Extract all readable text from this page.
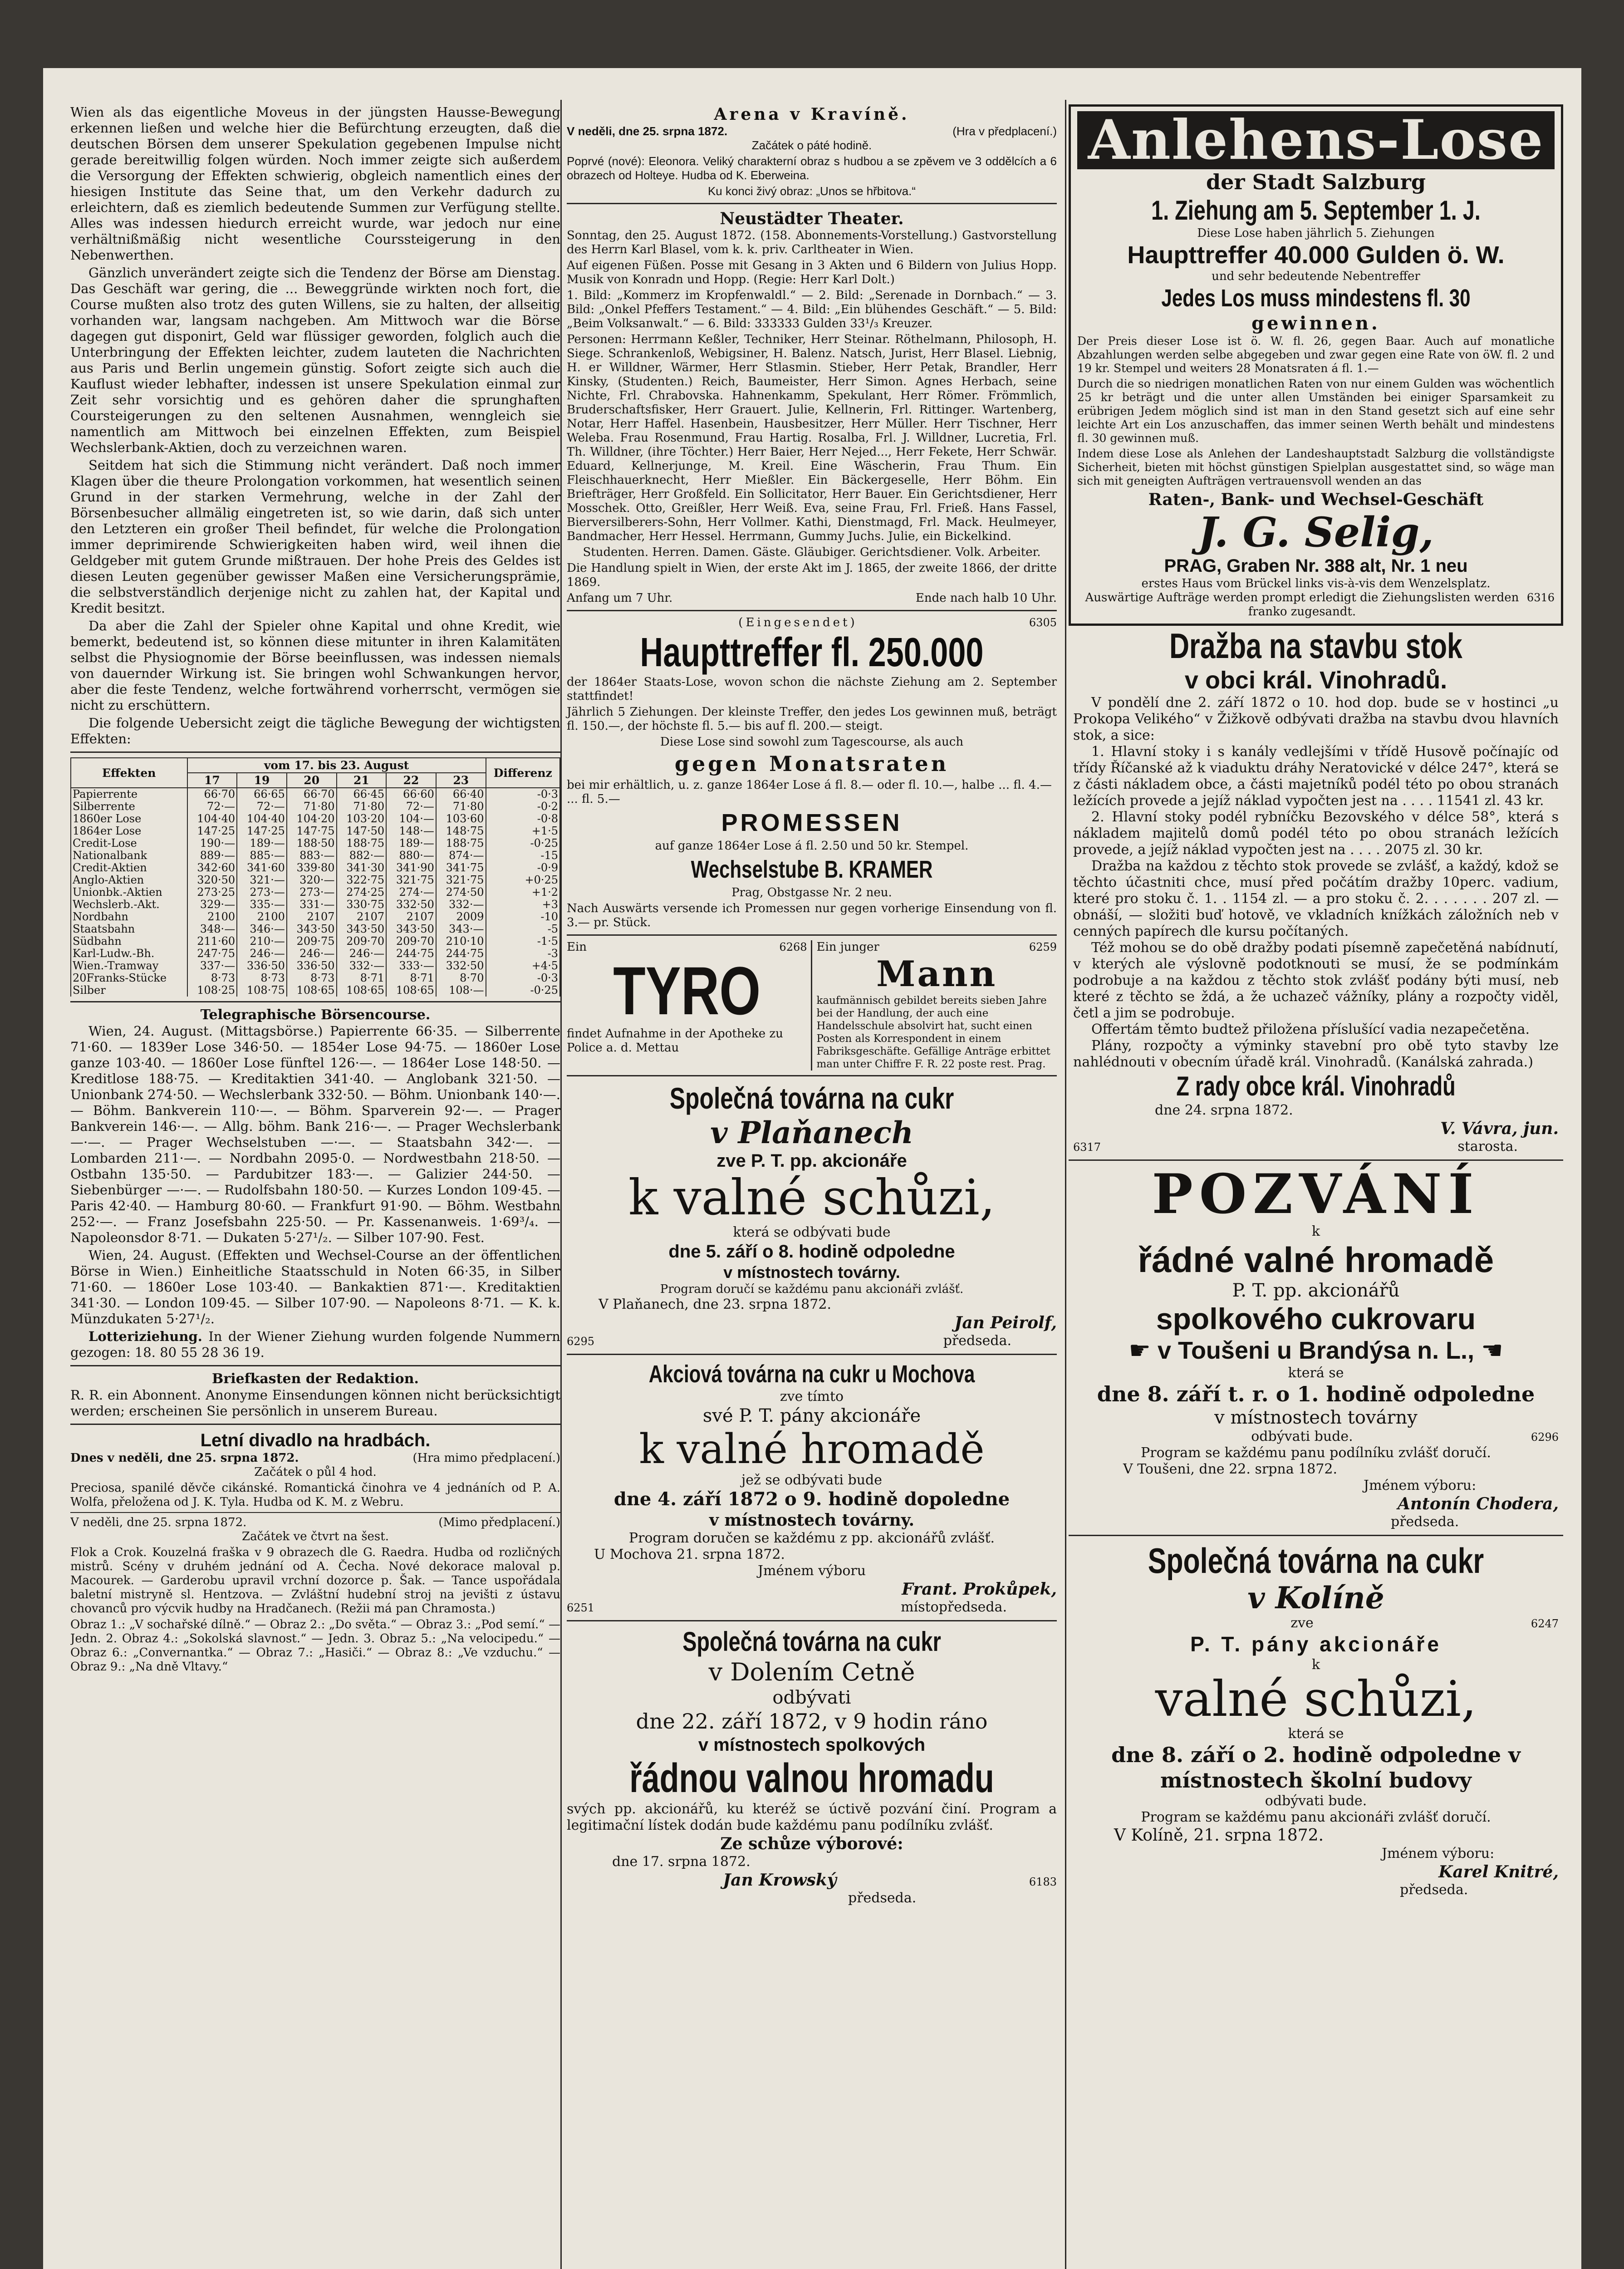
Wien als das eigentliche Moveus in der jüngsten Hausse-Bewegung erkennen ließen und welche hier die Befürchtung erzeugten, daß die deutschen Börsen dem unserer Spekulation gegebenen Impulse nicht gerade bereitwillig folgen würden. Noch immer zeigte sich außerdem die Versorgung der Effekten schwierig, obgleich namentlich eines der hiesigen Institute das Seine that, um den Verkehr dadurch zu erleichtern, daß es ziemlich bedeutende Summen zur Verfügung stellte. Alles was indessen hiedurch erreicht wurde, war jedoch nur eine verhältnißmäßig nicht wesentliche Courssteigerung in den Nebenwerthen.

Gänzlich unverändert zeigte sich die Tendenz der Börse am Dienstag. Das Geschäft war gering, die ... Beweggründe wirkten noch fort, die Course mußten also trotz des guten Willens, sie zu halten, der allseitig vorhanden war, langsam nachgeben. Am Mittwoch war die Börse dagegen gut disponirt, Geld war flüssiger geworden, folglich auch die Unterbringung der Effekten leichter, zudem lauteten die Nachrichten aus Paris und Berlin ungemein günstig. Sofort zeigte sich auch die Kauflust wieder lebhafter, indessen ist unsere Spekulation einmal zur Zeit sehr vorsichtig und es gehören daher die sprunghaften Coursteigerungen zu den seltenen Ausnahmen, wenngleich sie namentlich am Mittwoch bei einzelnen Effekten, zum Beispiel Wechslerbank-Aktien, doch zu verzeichnen waren.

Seitdem hat sich die Stimmung nicht verändert. Daß noch immer Klagen über die theure Prolongation vorkommen, hat wesentlich seinen Grund in der starken Vermehrung, welche in der Zahl der Börsenbesucher allmälig eingetreten ist, so wie darin, daß sich unter den Letzteren ein großer Theil befindet, für welche die Prolongation immer deprimirende Schwierigkeiten haben wird, weil ihnen die Geldgeber mit gutem Grunde mißtrauen. Der hohe Preis des Geldes ist diesen Leuten gegenüber gewisser Maßen eine Versicherungsprämie, die selbstverständlich derjenige nicht zu zahlen hat, der Kapital und Kredit besitzt.

Da aber die Zahl der Spieler ohne Kapital und ohne Kredit, wie bemerkt, bedeutend ist, so können diese mitunter in ihren Kalamitäten selbst die Physiognomie der Börse beeinflussen, was indessen niemals von dauernder Wirkung ist. Sie bringen wohl Schwankungen hervor, aber die feste Tendenz, welche fortwährend vorherrscht, vermögen sie nicht zu erschüttern.

Die folgende Uebersicht zeigt die tägliche Bewegung der wichtigsten Effekten:

Effekten	vom 17. bis 23. August						Differenz
	17	19	20	21	22	23	
Papierrente	66·70	66·65	66·70	66·45	66·60	66·40	-0·3
Silberrente	72·—	72·—	71·80	71·80	72·—	71·80	-0·2
1860er Lose	104·40	104·40	104·20	103·20	104·—	103·60	-0·8
1864er Lose	147·25	147·25	147·75	147·50	148·—	148·75	+1·5
Credit-Lose	190·—	189·—	188·50	188·75	189·—	188·75	-0·25
Nationalbank	889·—	885·—	883·—	882·—	880·—	874·—	-15
Credit-Aktien	342·60	341·60	339·80	341·30	341·90	341·75	-0·9
Anglo-Aktien	320·50	321·—	320·—	322·75	321·75	321·75	+0·25
Unionbk.-Aktien	273·25	273·—	273·—	274·25	274·—	274·50	+1·2
Wechslerb.-Akt.	329·—	335·—	331·—	330·75	332·50	332·—	+3
Nordbahn	2100	2100	2107	2107	2107	2009	-10
Staatsbahn	348·—	346·—	343·50	343·50	343·50	343·—	-5
Südbahn	211·60	210·—	209·75	209·70	209·70	210·10	-1·5
Karl-Ludw.-Bh.	247·75	246·—	246·—	246·—	244·75	244·75	-3
Wien.-Tramway	337·—	336·50	336·50	332·—	333·—	332·50	+4·5
20Franks-Stücke	8·73	8·73	8·73	8·71	8·71	8·70	-0·3
Silber	108·25	108·75	108·65	108·65	108·65	108·—	-0·25

Telegraphische Börsencourse.

Wien, 24. August. (Mittagsbörse.) Papierrente 66·35. — Silberrente 71·60. — 1839er Lose 346·50. — 1854er Lose 94·75. — 1860er Lose ganze 103·40. — 1860er Lose fünftel 126·—. — 1864er Lose 148·50. — Kreditlose 188·75. — Kreditaktien 341·40. — Anglobank 321·50. — Unionbank 274·50. — Wechslerbank 332·50. — Böhm. Unionbank 140·—. — Böhm. Bankverein 110·—. — Böhm. Sparverein 92·—. — Prager Bankverein 146·—. — Allg. böhm. Bank 216·—. — Prager Wechslerbank —·—. — Prager Wechselstuben —·—. — Staatsbahn 342·—. — Lombarden 211·—. — Nordbahn 2095·0. — Nordwestbahn 218·50. — Ostbahn 135·50. — Pardubitzer 183·—. — Galizier 244·50. — Siebenbürger —·—. — Rudolfsbahn 180·50. — Kurzes London 109·45. — Paris 42·40. — Hamburg 80·60. — Frankfurt 91·90. — Böhm. Westbahn 252·—. — Franz Josefsbahn 225·50. — Pr. Kassenanweis. 1·69³/₄. — Napoleonsdor 8·71. — Dukaten 5·27¹/₂. — Silber 107·90. Fest.

Wien, 24. August. (Effekten und Wechsel-Course an der öffentlichen Börse in Wien.) Einheitliche Staatsschuld in Noten 66·35, in Silber 71·60. — 1860er Lose 103·40. — Bankaktien 871·—. Kreditaktien 341·30. — London 109·45. — Silber 107·90. — Napoleons 8·71. — K. k. Münzdukaten 5·27¹/₂.

Lotteriziehung. In der Wiener Ziehung wurden folgende Nummern gezogen: 18. 80 55 28 36 19.

Briefkasten der Redaktion.

R. R. ein Abonnent. Anonyme Einsendungen können nicht berücksichtigt werden; erscheinen Sie persönlich in unserem Bureau.

Letní divadlo na hradbách.

Dnes v neděli, dne 25. srpna 1872.	(Hra mimo předplacení.)

Začátek o půl 4 hod.

Preciosa, spanilé děvče cikánské. Romantická činohra ve 4 jednáních od P. A. Wolfa, přeložena od J. K. Tyla. Hudba od K. M. z Webru.

V neděli, dne 25. srpna 1872.	(Mimo předplacení.)

Začátek ve čtvrt na šest.

Flok a Crok. Kouzelná fraška v 9 obrazech dle G. Raedra. Hudba od rozličných mistrů. Scény v druhém jednání od A. Čecha. Nové dekorace maloval p. Macourek. — Garderobu upravil vrchní dozorce p. Šak. — Tance uspořádala baletní mistryně sl. Hentzova. — Zvláštní hudební stroj na jevišti z ústavu chovanců pro výcvik hudby na Hradčanech. (Režii má pan Chramosta.)

Obraz 1.: „V sochařské dílně.“ — Obraz 2.: „Do světa.“ — Obraz 3.: „Pod semí.“ — Jedn. 2. Obraz 4.: „Sokolská slavnost.“ — Jedn. 3. Obraz 5.: „Na velocipedu.“ — Obraz 6.: „Convernantka.“ — Obraz 7.: „Hasiči.“ — Obraz 8.: „Ve vzduchu.“ — Obraz 9.: „Na dně Vltavy.“

Arena v Kravíně.

V neděli, dne 25. srpna 1872.	(Hra v předplacení.)

Začátek o páté hodině.

Poprvé (nové): Eleonora. Veliký charakterní obraz s hudbou a se zpěvem ve 3 oddělcích a 6 obrazech od Holteye. Hudba od K. Eberweina.

Ku konci živý obraz: „Unos se hřbitova.“

Neustädter Theater.

Sonntag, den 25. August 1872. (158. Abonnements-Vorstellung.) Gastvorstellung des Herrn Karl Blasel, vom k. k. priv. Carltheater in Wien.

Auf eigenen Füßen. Posse mit Gesang in 3 Akten und 6 Bildern von Julius Hopp. Musik von Konradn und Hopp. (Regie: Herr Karl Dolt.)

1. Bild: „Kommerz im Kropfenwaldl.“ — 2. Bild: „Serenade in Dornbach.“ — 3. Bild: „Onkel Pfeffers Testament.“ — 4. Bild: „Ein blühendes Geschäft.“ — 5. Bild: „Beim Volksanwalt.“ — 6. Bild: 333333 Gulden 33¹/₃ Kreuzer.

Personen: Herrmann Keßler, Techniker, Herr Steinar. Röthelmann, Philosoph, H. Siege. Schrankenloß, Webigsiner, H. Balenz. Natsch, Jurist, Herr Blasel. Liebnig, H. er Willdner, Wärmer, Herr Stlasmin. Stieber, Herr Petak, Brandler, Herr Kinsky, (Studenten.) Reich, Baumeister, Herr Simon. Agnes Herbach, seine Nichte, Frl. Chrabovska. Hahnenkamm, Spekulant, Herr Römer. Frömmlich, Bruderschaftsfisker, Herr Grauert. Julie, Kellnerin, Frl. Rittinger. Wartenberg, Notar, Herr Haffel. Hasenbein, Hausbesitzer, Herr Müller. Herr Tischner, Herr Weleba. Frau Rosenmund, Frau Hartig. Rosalba, Frl. J. Willdner, Lucretia, Frl. Th. Willdner, (ihre Töchter.) Herr Baier, Herr Nejed..., Herr Fekete, Herr Schwär. Eduard, Kellnerjunge, M. Kreil. Eine Wäscherin, Frau Thum. Ein Fleischhauerknecht, Herr Mießler. Ein Bäckergeselle, Herr Böhm. Ein Briefträger, Herr Großfeld. Ein Sollicitator, Herr Bauer. Ein Gerichtsdiener, Herr Mosschek. Otto, Greißler, Herr Weiß. Eva, seine Frau, Frl. Frieß. Hans Fassel, Bierversilberers-Sohn, Herr Vollmer. Kathi, Dienstmagd, Frl. Mack. Heulmeyer, Bandmacher, Herr Hessel. Herrmann, Gummy Juchs. Julie, ein Bickelkind.

Studenten. Herren. Damen. Gäste. Gläubiger. Gerichtsdiener. Volk. Arbeiter.

Die Handlung spielt in Wien, der erste Akt im J. 1865, der zweite 1866, der dritte 1869.

Anfang um 7 Uhr.	Ende nach halb 10 Uhr.
(Eingesendet)	6305

Haupttreffer fl. 250.000

der 1864er Staats-Lose, wovon schon die nächste Ziehung am 2. September stattfindet!

Jährlich 5 Ziehungen. Der kleinste Treffer, den jedes Los gewinnen muß, beträgt fl. 150.—, der höchste fl. 5.— bis auf fl. 200.— steigt.

Diese Lose sind sowohl zum Tagescourse, als auch

gegen Monatsraten

bei mir erhältlich, u. z. ganze 1864er Lose á fl. 8.— oder fl. 10.—, halbe ... fl. 4.— ... fl. 5.—

PROMESSEN

auf ganze 1864er Lose á fl. 2.50 und 50 kr. Stempel.

Wechselstube B. KRAMER

Prag, Obstgasse Nr. 2 neu.

Nach Auswärts versende ich Promessen nur gegen vorherige Einsendung von fl. 3.— pr. Stück.

Ein	6268

TYRO

findet Aufnahme in der Apotheke zu Police a. d. Mettau

Ein junger	6259

Mann

kaufmännisch gebildet bereits sieben Jahre bei der Handlung, der auch eine Handelsschule absolvirt hat, sucht einen Posten als Korrespondent in einem Fabriksgeschäfte. Gefällige Anträge erbittet man unter Chiffre F. R. 22 poste rest. Prag.

Společná továrna na cukr

v Plaňanech

zve P. T. pp. akcionáře

k valné schůzi,

která se odbývati bude

dne 5. září o 8. hodině odpoledne

v místnostech továrny.

Program doručí se každému panu akcionáři zvlášť.

V Plaňanech, dne 23. srpna 1872.

Jan Peirolf,

6295	předseda.

Akciová továrna na cukr u Mochova

zve tímto

své P. T. pány akcionáře

k valné hromadě

jež se odbývati bude

dne 4. září 1872 o 9. hodině dopoledne

v místnostech továrny.

Program doručen se každému z pp. akcionářů zvlášť.

U Mochova 21. srpna 1872.

Jménem výboru

Frant. Prokůpek,

6251	místopředseda.

Společná továrna na cukr

v Dolením Cetně

odbývati

dne 22. září 1872, v 9 hodin ráno

v místnostech spolkových

řádnou valnou hromadu

svých pp. akcionářů, ku kteréž se úctivě pozvání činí. Program a legitimační lístek dodán bude každému panu podílníku zvlášť.

Ze schůze výborové:

dne 17. srpna 1872.

Jan Krowský	6183

předseda.

Anlehens-Lose

der Stadt Salzburg

1. Ziehung am 5. September 1. J.

Diese Lose haben jährlich 5. Ziehungen

Haupttreffer 40.000 Gulden ö. W.

und sehr bedeutende Nebentreffer

Jedes Los muss mindestens fl. 30

gewinnen.

Der Preis dieser Lose ist ö. W. fl. 26, gegen Baar. Auch auf monatliche Abzahlungen werden selbe abgegeben und zwar gegen eine Rate von öW. fl. 2 und 19 kr. Stempel und weiters 28 Monatsraten á fl. 1.—

Durch die so niedrigen monatlichen Raten von nur einem Gulden was wöchentlich 25 kr beträgt und die unter allen Umständen bei einiger Sparsamkeit zu erübrigen Jedem möglich sind ist man in den Stand gesetzt sich auf eine sehr leichte Art ein Los anzuschaffen, das immer seinen Werth behält und mindestens fl. 30 gewinnen muß.

Indem diese Lose als Anlehen der Landeshauptstadt Salzburg die vollständigste Sicherheit, bieten mit höchst günstigen Spielplan ausgestattet sind, so wäge man sich mit geneigten Aufträgen vertrauensvoll wenden an das

Raten-, Bank- und Wechsel-Geschäft

J. G. Selig,

PRAG, Graben Nr. 388 alt, Nr. 1 neu

erstes Haus vom Brückel links vis-à-vis dem Wenzelsplatz.

Auswärtige Aufträge werden prompt erledigt die Ziehungslisten werden franko zugesandt.
6316

Dražba na stavbu stok

v obci král. Vinohradů.

V pondělí dne 2. září 1872 o 10. hod dop. bude se v hostinci „u Prokopa Velikého“ v Žižkově odbývati dražba na stavbu dvou hlavních stok, a sice:

1. Hlavní stoky i s kanály vedlejšími v třídě Husově počínajíc od třídy Říčanské až k viaduktu dráhy Neratovické v délce 247°, která se z části nákladem obce, a části majetníků podél této po obou stranách ležících provede a jejíž náklad vypočten jest na . . . . 11541 zl. 43 kr.

2. Hlavní stoky podél rybníčku Bezovského v délce 58°, která s nákladem majitelů domů podél této po obou stranách ležících provede, a jejíž náklad vypočten jest na . . . . 2075 zl. 30 kr.

Dražba na každou z těchto stok provede se zvlášť, a každý, kdož se těchto účastniti chce, musí před počátím dražby 10perc. vadium, které pro stoku č. 1. . 1154 zl. — a pro stoku č. 2. . . . . . . 207 zl. — obnáší, — složiti buď hotově, ve vkladních knížkách záložních neb v cenných papírech dle kursu počítaných.

Též mohou se do obě dražby podati písemně zapečetěná nabídnutí, v kterých ale výslovně podotknouti se musí, že se podmínkám podrobuje a na každou z těchto stok zvlášť podány býti musí, neb které z těchto se ždá, a že uchazeč vážníky, plány a rozpočty viděl, četl a jim se podrobuje.

Offertám těmto budtež přiložena příslušící vadia nezapečetěna.

Plány, rozpočty a výminky stavební pro obě tyto stavby lze nahlédnouti v obecním úřadě král. Vinohradů. (Kanálská zahrada.)

Z rady obce král. Vinohradů

dne 24. srpna 1872.

V. Vávra, jun.

6317	starosta.

POZVÁNÍ

k

řádné valné hromadě

P. T. pp. akcionářů

spolkového cukrovaru

☛ v Toušeni u Brandýsa n. L., ☚

která se

dne 8. září t. r. o 1. hodině odpoledne

v místnostech továrny

odbývati bude.	6296

Program se každému panu podílníku zvlášť doručí.

V Toušeni, dne 22. srpna 1872.

Jménem výboru:

Antonín Chodera,

předseda.

Společná továrna na cukr

v Kolíně

zve	6247

P. T. pány akcionáře

k

valné schůzi,

která se

dne 8. září o 2. hodině odpoledne v místnostech školní budovy

odbývati bude.

Program se každému panu akcionáři zvlášť doručí.

V Kolíně, 21. srpna 1872.

Jménem výboru:

Karel Knitré,

předseda.
